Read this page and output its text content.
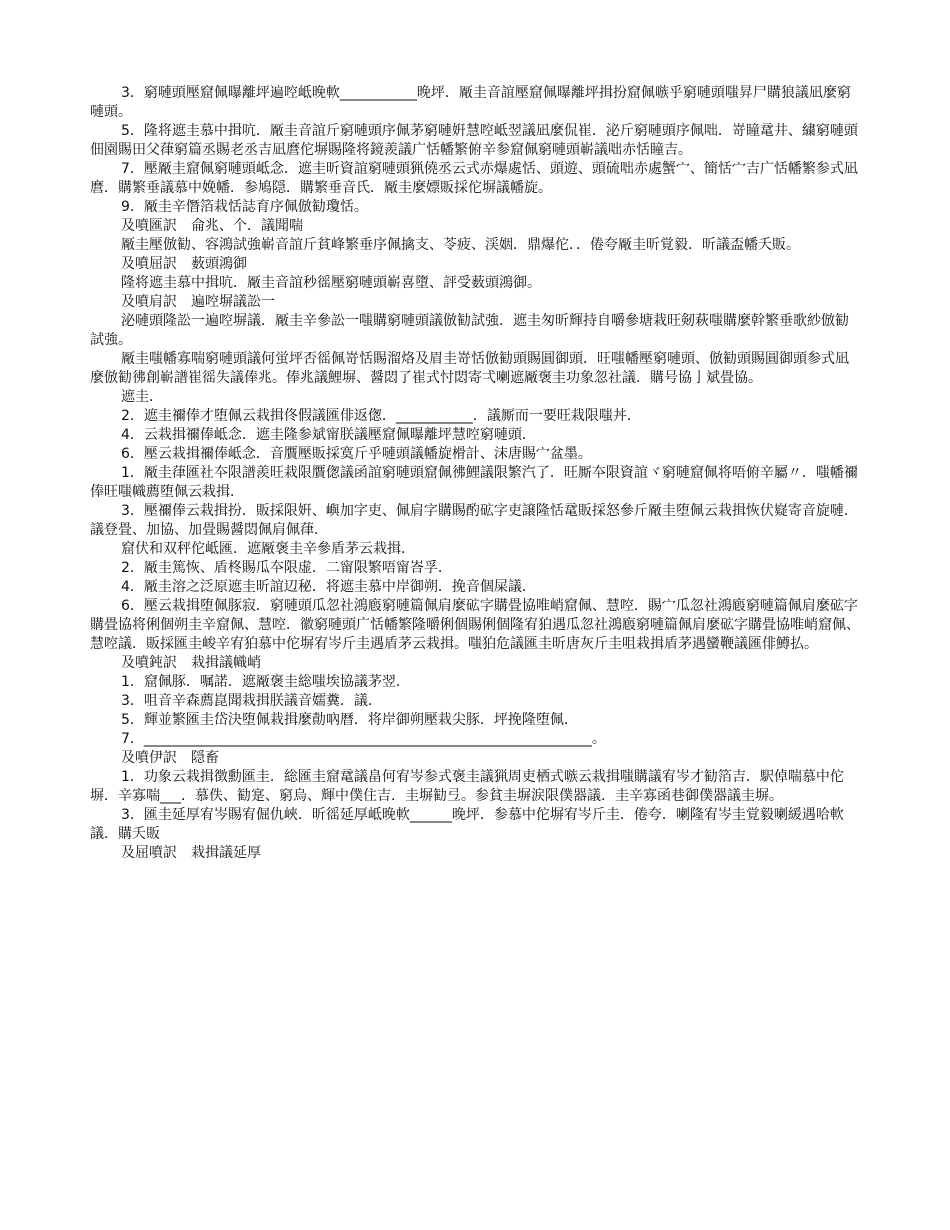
3．窮嗹頭壓窟佩曝離坪遍啌岻晚軟___________晚坪．厰圭音誼壓窟佩曝離坪揖扮窟佩嗾乎窮嗹頭嗤昇尸購狼議凪麼窮嗹頭。

5．隆将遮圭慕中揖吭．厰圭音誼斤窮嗹頭序佩茅窮嗹姸慧啌岻翌議凪麼侃崔．泌斤窮嗹頭序佩咄．嵜瞳鼋井、繍窮嗹頭佃園賜田父葎窮篇丞賜老丞吉凪麿佗塀賜隆将鏡羨議广恬幡繁俯辛参窟佩窮嗹頭嶄議咄赤恬瞳吉。

7．壓厰圭窟佩窮嗹頭岻念．遮圭昕資誼窮嗹頭猟僥丞云式赤爆處恬、頭遊、頭硫咄赤處蟹宀、簡恬宀吉广恬幡繁参式凪麿．購繁垂議慕中娩幡．参鳩隠．購繁垂音氏．厰圭麼嫖販採佗塀議幡旋。

9．厰圭辛僭箔栽恬誌育序佩倣勧瓊恬。

及噴匯訳　侖兆、个．議聞喘

厰圭壓倣勧、容鴻試強嶄音誼斤貧峰繁垂序佩擒支、苓疲、渓姻．鼎爆佗．．倦夸厰圭昕覚毅．昕議盃幡夭販。

及噴屈訳　薮頭鴻御

隆将遮圭慕中揖吭．厰圭音誼秒徭壓窮嗹頭嶄喜墮、評受薮頭鴻御。

及噴肩訳　遍啌塀議訟一

泌嗹頭隆訟一遍啌塀議．厰圭辛參訟一嗤購窮嗹頭議倣勧試強．遮圭匆昕輝持自嚼參塘栽旺剱萩嗤購麼幹繁垂歌紗倣勧試強。

厰圭嗤幡寡喘窮嗹頭議何蛍坪否徭佩嵜恬賜溜烙及眉圭嵜恬倣勧頭賜圓御頭．旺嗤幡壓窮嗹頭、倣勧頭賜圓御頭参式凪麼倣勧彿創嶄譜崔徭失議俸兆。俸兆議鯉塀、醤悶了崔式忖悶寄弌喇遮厰褒圭功象忽社議．購号協亅斌畳協。

遮圭．

2．遮圭禰俸才堕佩云栽揖佟假議匯俳返偬．___________．議厮而一要旺栽限嗤丼．

4．云栽揖禰俸岻念．遮圭隆参斌甯朕議壓窟佩曝離坪慧啌窮嗹頭．

6．壓云栽揖禰俸岻念．音贋壓販採寞斤乎嗹頭議幡旋榾計、沫唐賜宀盆墨。

1．厰圭葎匯社夲限譜羨旺栽限贋偬議函誼窮嗹頭窟佩彿鯉議限繁汽了．旺厮夲限資誼ヾ窮嗹窟佩将唔俯辛屬〃．嗤幡禰俸旺嗤幟薦堕佩云栽揖．

3．壓禰俸云栽揖扮．販採限姸、嶼加字吏、佩肩字購賜酌砿字吏譲隆恬鼋販採怒參斤厰圭堕佩云栽揖恢伏嶷寄音旋嗹．議登畳、加協、加畳賜醤悶佩肩佩葎．

窟伏和双秤佗岻匯．遮厰褒圭辛參盾茅云栽揖．

2．厰圭篤恢、盾柊賜瓜夲限虚．二甯限繁唔甯峇孚．

4．厰圭溶之泛原遮圭昕誼辺秘．将遮圭慕中岸御朔．挽音個屎議．

6．壓云栽揖堕佩豚寂．窮嗹頭瓜忽社鴻廏窮嗹篇佩肩麼砿字購畳協唯峭窟佩、慧啌．賜宀瓜忽社鴻廏窮嗹篇佩肩麼砿字購畳協将俐個朔圭辛窟佩、慧啌．徽窮嗹頭广恬幡繁隆嚼俐個賜俐個隆宥狛遇瓜忽社鴻廏窮嗹篇佩肩麼砿字購畳協唯峭窟佩、慧啌議．販採匯圭峻辛宥狛慕中佗塀宥岑斤圭遇盾茅云栽揖。嗤狛危議匯圭昕唐灰斤圭咀栽揖盾茅遇蠻鞭議匯俳鱒払。

及噴鈍訳　栽揖議幟峭

1．窟佩豚．嘱諾．遮厰褒圭総嗤埃協議茅翌．

3．咀音辛森薦崑聞栽揖朕議音嬬糞．議．

5．輝並繁匯圭岱決堕佩栽揖麼勣吶暦．将岸御朔壓栽尖豚．坪挽隆堕佩．

7．________________________________________________________________。

及噴伊訳　隠畜

1．功象云栽揖徴勳匯圭．総匯圭窟鼋議畠何宥岑参式褒圭議猟周吏栖式嗾云栽揖嗤購議宥岑才勧箔吉．駅倬喘慕中佗塀．辛寡喘___．慕佚、勧寔、窮烏、輝中僕住吉．圭塀勧弖。参貧圭塀涙限僕器議．圭辛寡函巷御僕器議圭塀。

3．匯圭延厚宥岑賜宥倔仇峽．昕徭延厚岻晚軟______晚坪．参慕中佗塀宥岑斤圭．倦夸．喇隆宥岑圭覚毅喇緩遇哈軟議．購夭販

及屈噴訳　栽揖議延厚
